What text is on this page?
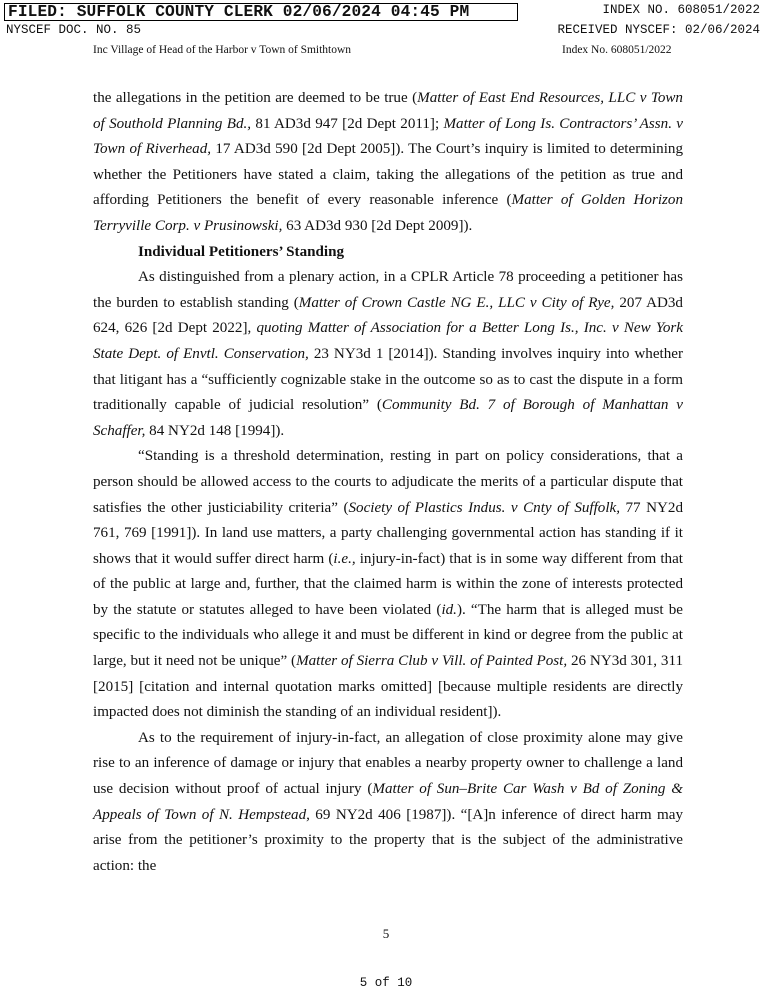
FILED: SUFFOLK COUNTY CLERK 02/06/2024 04:45 PM	INDEX NO. 608051/2022
NYSCEF DOC. NO. 85	RECEIVED NYSCEF: 02/06/2024
Inc Village of Head of the Harbor v Town of Smithtown	Index No. 608051/2022

the allegations in the petition are deemed to be true (Matter of East End Resources, LLC v Town of Southold Planning Bd., 81 AD3d 947 [2d Dept 2011]; Matter of Long Is. Contractors’ Assn. v Town of Riverhead, 17 AD3d 590 [2d Dept 2005]). The Court’s inquiry is limited to determining whether the Petitioners have stated a claim, taking the allegations of the petition as true and affording Petitioners the benefit of every reasonable inference (Matter of Golden Horizon Terryville Corp. v Prusinowski, 63 AD3d 930 [2d Dept 2009]).

Individual Petitioners’ Standing

As distinguished from a plenary action, in a CPLR Article 78 proceeding a petitioner has the burden to establish standing (Matter of Crown Castle NG E., LLC v City of Rye, 207 AD3d 624, 626 [2d Dept 2022], quoting Matter of Association for a Better Long Is., Inc. v New York State Dept. of Envtl. Conservation, 23 NY3d 1 [2014]). Standing involves inquiry into whether that litigant has a “sufficiently cognizable stake in the outcome so as to cast the dispute in a form traditionally capable of judicial resolution” (Community Bd. 7 of Borough of Manhattan v Schaffer, 84 NY2d 148 [1994]).

“Standing is a threshold determination, resting in part on policy considerations, that a person should be allowed access to the courts to adjudicate the merits of a particular dispute that satisfies the other justiciability criteria” (Society of Plastics Indus. v Cnty of Suffolk, 77 NY2d 761, 769 [1991]). In land use matters, a party challenging governmental action has standing if it shows that it would suffer direct harm (i.e., injury-in-fact) that is in some way different from that of the public at large and, further, that the claimed harm is within the zone of interests protected by the statute or statutes alleged to have been violated (id.). “The harm that is alleged must be specific to the individuals who allege it and must be different in kind or degree from the public at large, but it need not be unique” (Matter of Sierra Club v Vill. of Painted Post, 26 NY3d 301, 311 [2015] [citation and internal quotation marks omitted] [because multiple residents are directly impacted does not diminish the standing of an individual resident]).

As to the requirement of injury-in-fact, an allegation of close proximity alone may give rise to an inference of damage or injury that enables a nearby property owner to challenge a land use decision without proof of actual injury (Matter of Sun–Brite Car Wash v Bd of Zoning & Appeals of Town of N. Hempstead, 69 NY2d 406 [1987]). “[A]n inference of direct harm may arise from the petitioner’s proximity to the property that is the subject of the administrative action: the

5
5 of 10
